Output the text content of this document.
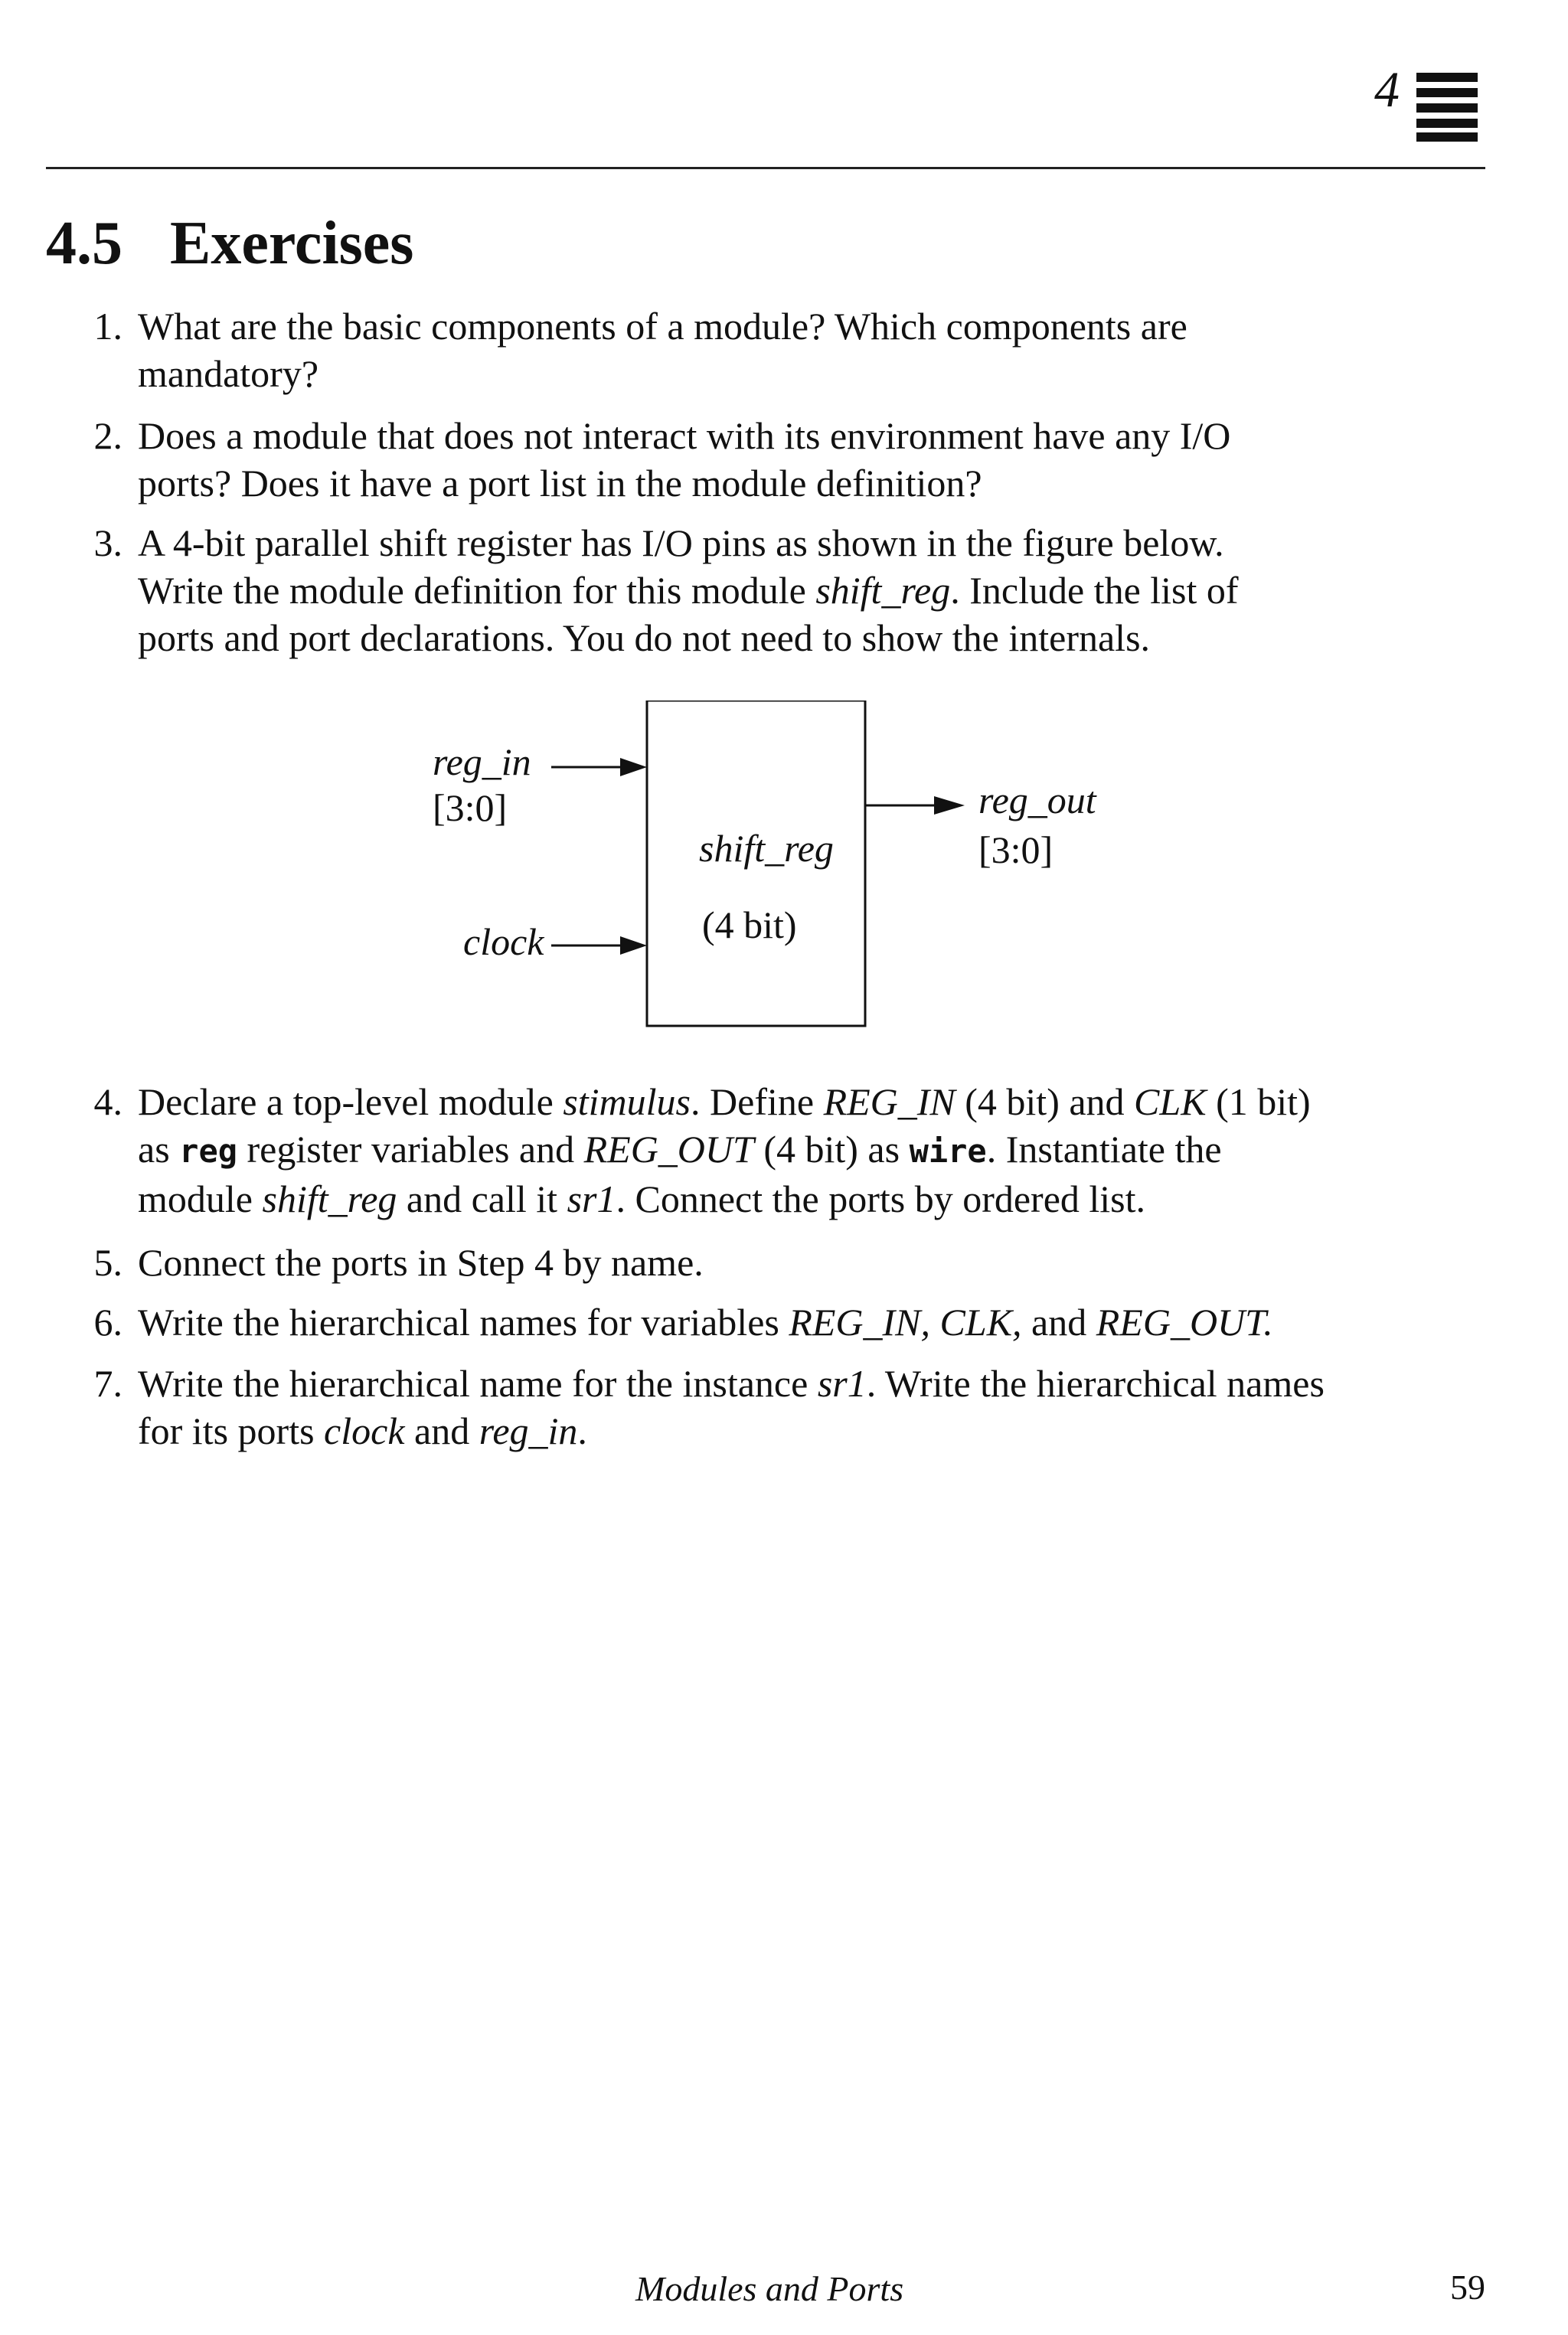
4
4.5 Exercises
1. What are the basic components of a module? Which components are
mandatory?
2. Does a module that does not interact with its environment have any I/O
ports? Does it have a port list in the module definition?
3. A 4-bit parallel shift register has I/O pins as shown in the figure below.
Write the module definition for this module shift_reg. Include the list of
ports and port declarations. You do not need to show the internals.
reg_in
[3:0]
clock
shift_reg
(4 bit)
reg_out
[3:0]
4. Declare a top-level module stimulus. Define REG_IN (4 bit) and CLK (1 bit)
as reg register variables and REG_OUT (4 bit) as wire. Instantiate the
module shift_reg and call it sr1. Connect the ports by ordered list.
5. Connect the ports in Step 4 by name.
6. Write the hierarchical names for variables REG_IN, CLK, and REG_OUT.
7. Write the hierarchical name for the instance sr1. Write the hierarchical names
for its ports clock and reg_in.
Modules and Ports	59
